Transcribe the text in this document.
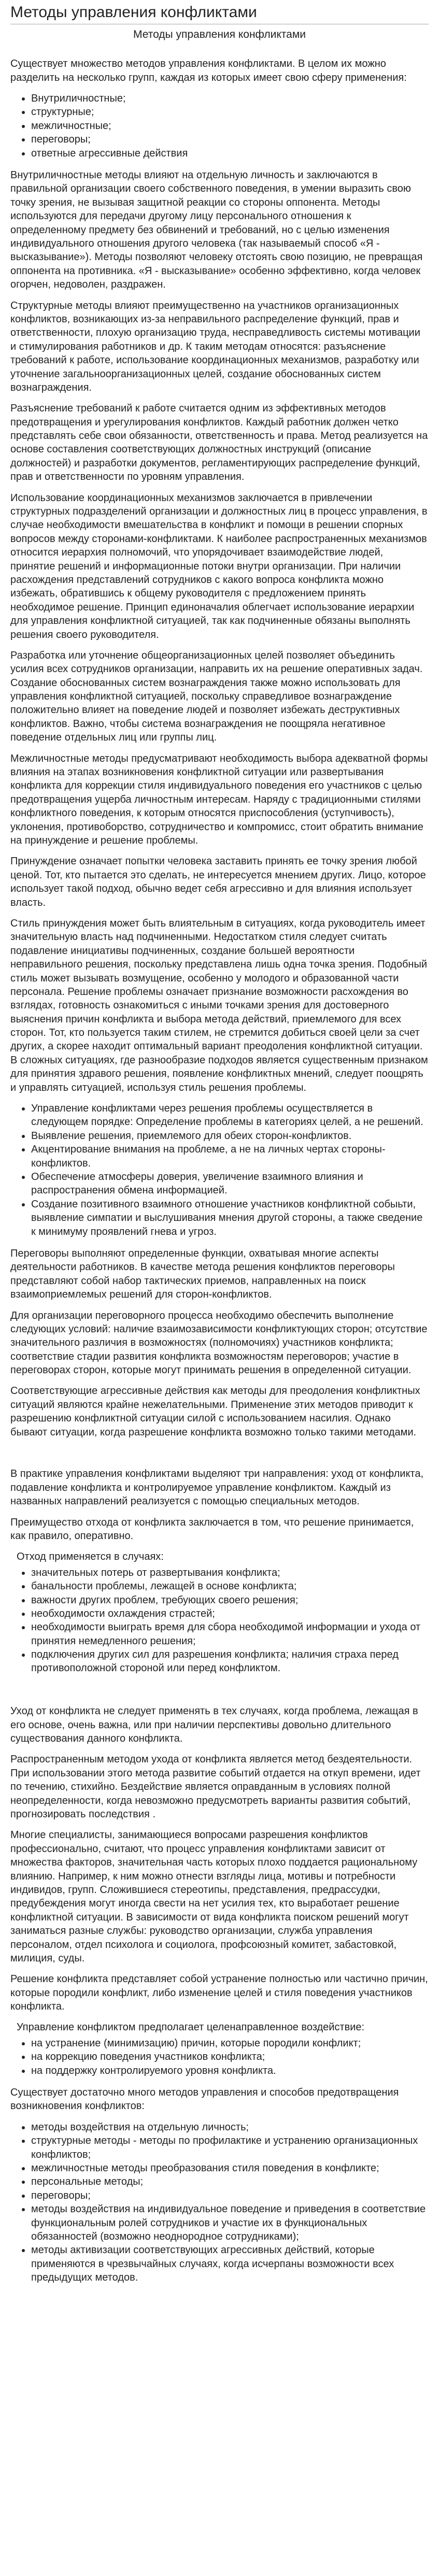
Методы управления конфликтами
Методы управления конфликтами

Существует множество методов управления конфликтами. В целом их можно разделить на несколько групп, каждая из которых имеет свою сферу применения:

• Внутриличностные;
• структурные;
• межличностные;
• переговоры;
• ответные агрессивные действия

Внутриличностные методы влияют на отдельную личность и заключаются в правильной организации своего собственного поведения, в умении выразить свою точку зрения, не вызывая защитной реакции со стороны оппонента. Методы используются для передачи другому лицу персонального отношения к определенному предмету без обвинений и требований, но с целью изменения индивидуального отношения другого человека (так называемый способ «Я - высказывание»). Методы позволяют человеку отстоять свою позицию, не превращая оппонента на противника. «Я - высказывание» особенно эффективно, когда человек огорчен, недоволен, раздражен.

Структурные методы влияют преимущественно на участников организационных конфликтов, возникающих из-за неправильного распределение функций, прав и ответственности, плохую организацию труда, несправедливость системы мотивации и стимулирования работников и др. К таким методам относятся: разъяснение требований к работе, использование координационных механизмов, разработку или уточнение загальноорганизационных целей, создание обоснованных систем вознаграждения.

Разъяснение требований к работе считается одним из эффективных методов предотвращения и урегулирования конфликтов. Каждый работник должен четко представлять себе свои обязанности, ответственность и права. Метод реализуется на основе составления соответствующих должностных инструкций (описание должностей) и разработки документов, регламентирующих распределение функций, прав и ответственности по уровням управления.

Использование координационных механизмов заключается в привлечении структурных подразделений организации и должностных лиц в процесс управления, в случае необходимости вмешательства в конфликт и помощи в решении спорных вопросов между сторонами-конфликтами. К наиболее распространенных механизмов относится иерархия полномочий, что упорядочивает взаимодействие людей, принятие решений и информационные потоки внутри организации. При наличии расхождения представлений сотрудников с какого вопроса конфликта можно избежать, обратившись к общему руководителя с предложением принять необходимое решение. Принцип единоначалия облегчает использование иерархии для управления конфликтной ситуацией, так как подчиненные обязаны выполнять решения своего руководителя.

Разработка или уточнение общеорганизационных целей позволяет объединить усилия всех сотрудников организации, направить их на решение оперативных задач. Создание обоснованных систем вознаграждения также можно использовать для управления конфликтной ситуацией, поскольку справедливое вознаграждение положительно влияет на поведение людей и позволяет избежать деструктивных конфликтов. Важно, чтобы система вознаграждения не поощряла негативное поведение отдельных лиц или группы лиц.

Межличностные методы предусматривают необходимость выбора адекватной формы влияния на этапах возникновения конфликтной ситуации или развертывания конфликта для коррекции стиля индивидуального поведения его участников с целью предотвращения ущерба личностным интересам. Наряду с традиционными стилями конфликтного поведения, к которым относятся приспособления (уступчивость), уклонения, противоборство, сотрудничество и компромисс, стоит обратить внимание на принуждение и решение проблемы.

Принуждение означает попытки человека заставить принять ее точку зрения любой ценой. Тот, кто пытается это сделать, не интересуется мнением других. Лицо, которое использует такой подход, обычно ведет себя агрессивно и для влияния использует власть.

Стиль принуждения может быть влиятельным в ситуациях, когда руководитель имеет значительную власть над подчиненными. Недостатком стиля следует считать подавление инициативы подчиненных, создание большей вероятности неправильного решения, поскольку представлена лишь одна точка зрения. Подобный стиль может вызывать возмущение, особенно у молодого и образованной части персонала. Решение проблемы означает признание возможности расхождения во взглядах, готовность ознакомиться с иными точками зрения для достоверного выяснения причин конфликта и выбора метода действий, приемлемого для всех сторон. Тот, кто пользуется таким стилем, не стремится добиться своей цели за счет других, а скорее находит оптимальный вариант преодоления конфликтной ситуации. В сложных ситуациях, где разнообразие подходов является существенным признаком для принятия здравого решения, появление конфликтных мнений, следует поощрять и управлять ситуацией, используя стиль решения проблемы.

• Управление конфликтами через решения проблемы осуществляется в следующем порядке: Определение проблемы в категориях целей, а не решений.
• Выявление решения, приемлемого для обеих сторон-конфликтов.
• Акцентирование внимания на проблеме, а не на личных чертах стороны-конфликтов.
• Обеспечение атмосферы доверия, увеличение взаимного влияния и распространения обмена информацией.
• Создание позитивного взаимного отношение участников конфликтной собыьти, выявление симпатии и выслушивания мнения другой стороны, а также сведение к минимуму проявлений гнева и угроз.

Переговоры выполняют определенные функции, охватывая многие аспекты деятельности работников. В качестве метода решения конфликтов переговоры представляют собой набор тактических приемов, направленных на поиск взаимоприемлемых решений для сторон-конфликтов.

Для организации переговорного процесса необходимо обеспечить выполнение следующих условий: наличие взаимозависимости конфликтующих сторон; отсутствие значительного различия в возможностях (полномочиях) участников конфликта; соответствие стадии развития конфликта возможностям переговоров; участие в переговорах сторон, которые могут принимать решения в определенной ситуации.

Соответствующие агрессивные действия как методы для преодоления конфликтных ситуаций являются крайне нежелательными. Применение этих методов приводит к разрешению конфликтной ситуации силой с использованием насилия. Однако бывают ситуации, когда разрешение конфликта возможно только такими методами.

В практике управления конфликтами выделяют три направления: уход от конфликта, подавление конфликта и контролируемое управление конфликтом. Каждый из названных направлений реализуется с помощью специальных методов.

Преимущество отхода от конфликта заключается в том, что решение принимается, как правило, оперативно.

Отход применяется в случаях:

• значительных потерь от развертывания конфликта;
• банальности проблемы, лежащей в основе конфликта;
• важности других проблем, требующих своего решения;
• необходимости охлаждения страстей;
• необходимости выиграть время для сбора необходимой информации и ухода от принятия немедленного решения;
• подключения других сил для разрешения конфликта; наличия страха перед противоположной стороной или перед конфликтом.

Уход от конфликта не следует применять в тех случаях, когда проблема, лежащая в его основе, очень важна, или при наличии перспективы довольно длительного существования данного конфликта.

Распространенным методом ухода от конфликта является метод бездеятельности. При использовании этого метода развитие событий отдается на откуп времени, идет по течению, стихийно. Бездействие является оправданным в условиях полной неопределенности, когда невозможно предусмотреть варианты развития событий, прогнозировать последствия .

Многие специалисты, занимающиеся вопросами разрешения конфликтов профессионально, считают, что процесс управления конфликтами зависит от множества факторов, значительная часть которых плохо поддается рациональному влиянию. Например, к ним можно отнести взгляды лица, мотивы и потребности индивидов, групп. Сложившиеся стереотипы, представления, предрассудки, предубеждения могут иногда свести на нет усилия тех, кто выработает решение конфликтной ситуации. В зависимости от вида конфликта поиском решений могут заниматься разные службы: руководство организации, служба управления персоналом, отдел психолога и социолога, профсоюзный комитет, забастовкой, милиция, суды.

Решение конфликта представляет собой устранение полностью или частично причин, которые породили конфликт, либо изменение целей и стиля поведения участников конфликта.

Управление конфликтом предполагает целенаправленное воздействие:

• на устранение (минимизацию) причин, которые породили конфликт;
• на коррекцию поведения участников конфликта;
• на поддержку контролируемого уровня конфликта.

Существует достаточно много методов управления и способов предотвращения возникновения конфликтов:

• методы воздействия на отдельную личность;
• структурные методы - методы по профилактике и устранению организационных конфликтов;
• межличностные методы преобразования стиля поведения в конфликте;
• персональные методы;
• переговоры;
• методы воздействия на индивидуальное поведение и приведения в соответствие функциональным ролей сотрудников и участие их в функциональных обязанностей (возможно неоднородное сотрудниками);
• методы активизации соответствующих агрессивных действий, которые применяются в чрезвычайных случаях, когда исчерпаны возможности всех предыдущих методов.
